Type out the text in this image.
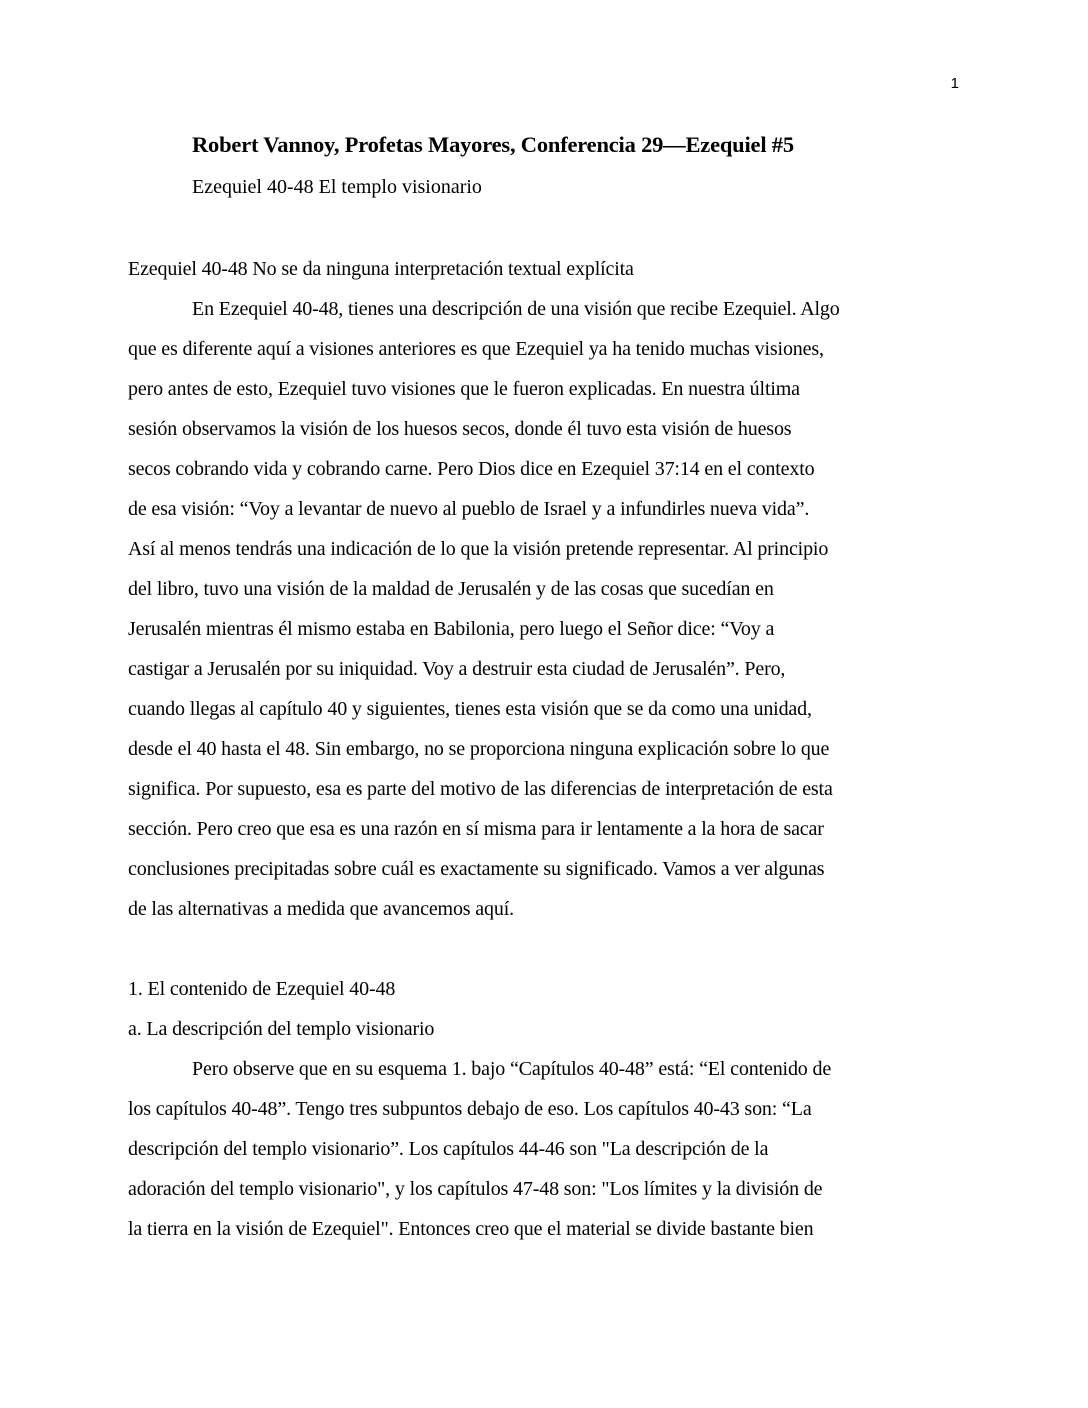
1
Robert Vannoy, Profetas Mayores, Conferencia 29—Ezequiel #5
Ezequiel 40-48 El templo visionario
Ezequiel 40-48 No se da ninguna interpretación textual explícita
En Ezequiel 40-48, tienes una descripción de una visión que recibe Ezequiel. Algo
que es diferente aquí a visiones anteriores es que Ezequiel ya ha tenido muchas visiones,
pero antes de esto, Ezequiel tuvo visiones que le fueron explicadas. En nuestra última
sesión observamos la visión de los huesos secos, donde él tuvo esta visión de huesos
secos cobrando vida y cobrando carne. Pero Dios dice en Ezequiel 37:14 en el contexto
de esa visión: “Voy a levantar de nuevo al pueblo de Israel y a infundirles nueva vida”.
Así al menos tendrás una indicación de lo que la visión pretende representar. Al principio
del libro, tuvo una visión de la maldad de Jerusalén y de las cosas que sucedían en
Jerusalén mientras él mismo estaba en Babilonia, pero luego el Señor dice: “Voy a
castigar a Jerusalén por su iniquidad. Voy a destruir esta ciudad de Jerusalén”. Pero,
cuando llegas al capítulo 40 y siguientes, tienes esta visión que se da como una unidad,
desde el 40 hasta el 48. Sin embargo, no se proporciona ninguna explicación sobre lo que
significa. Por supuesto, esa es parte del motivo de las diferencias de interpretación de esta
sección. Pero creo que esa es una razón en sí misma para ir lentamente a la hora de sacar
conclusiones precipitadas sobre cuál es exactamente su significado. Vamos a ver algunas
de las alternativas a medida que avancemos aquí.
1. El contenido de Ezequiel 40-48
a. La descripción del templo visionario
Pero observe que en su esquema 1. bajo “Capítulos 40-48” está: “El contenido de
los capítulos 40-48”. Tengo tres subpuntos debajo de eso. Los capítulos 40-43 son: “La
descripción del templo visionario”. Los capítulos 44-46 son "La descripción de la
adoración del templo visionario", y los capítulos 47-48 son: "Los límites y la división de
la tierra en la visión de Ezequiel". Entonces creo que el material se divide bastante bien
